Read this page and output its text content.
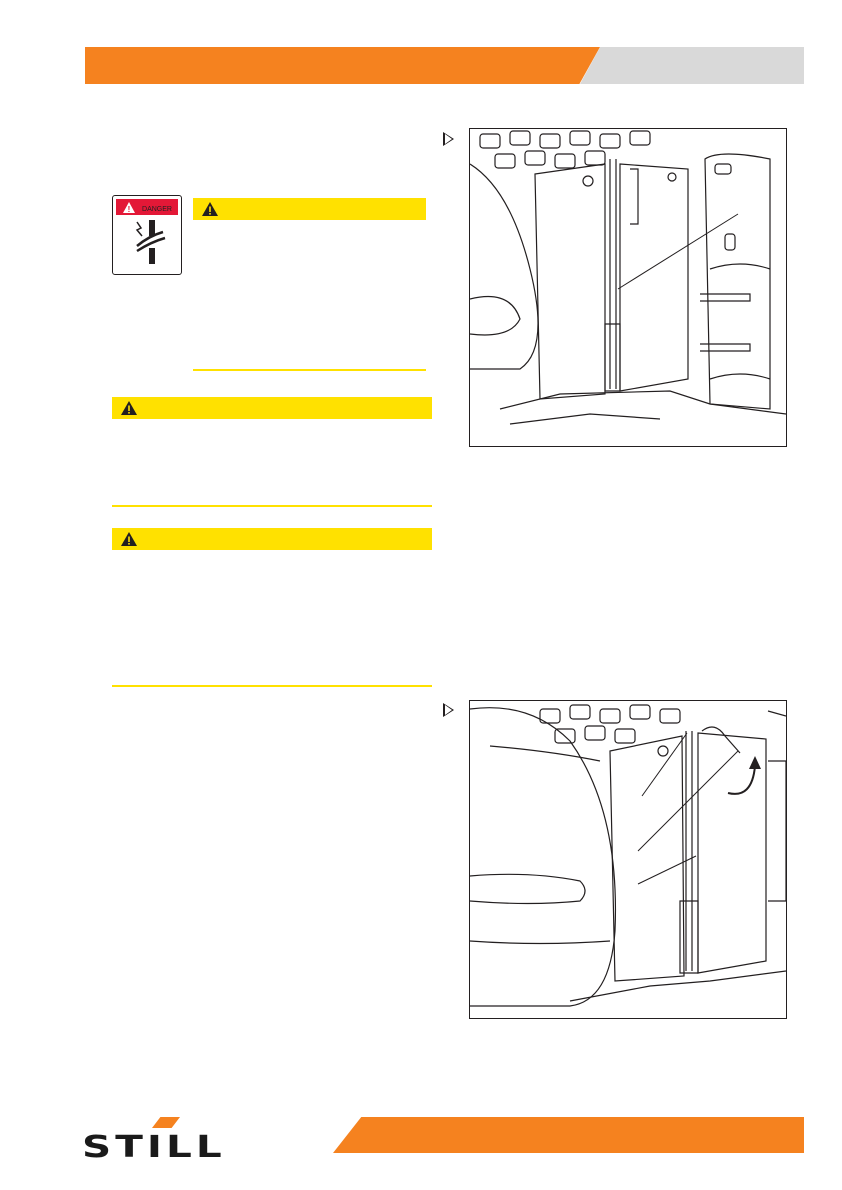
! DANGER
STILL
